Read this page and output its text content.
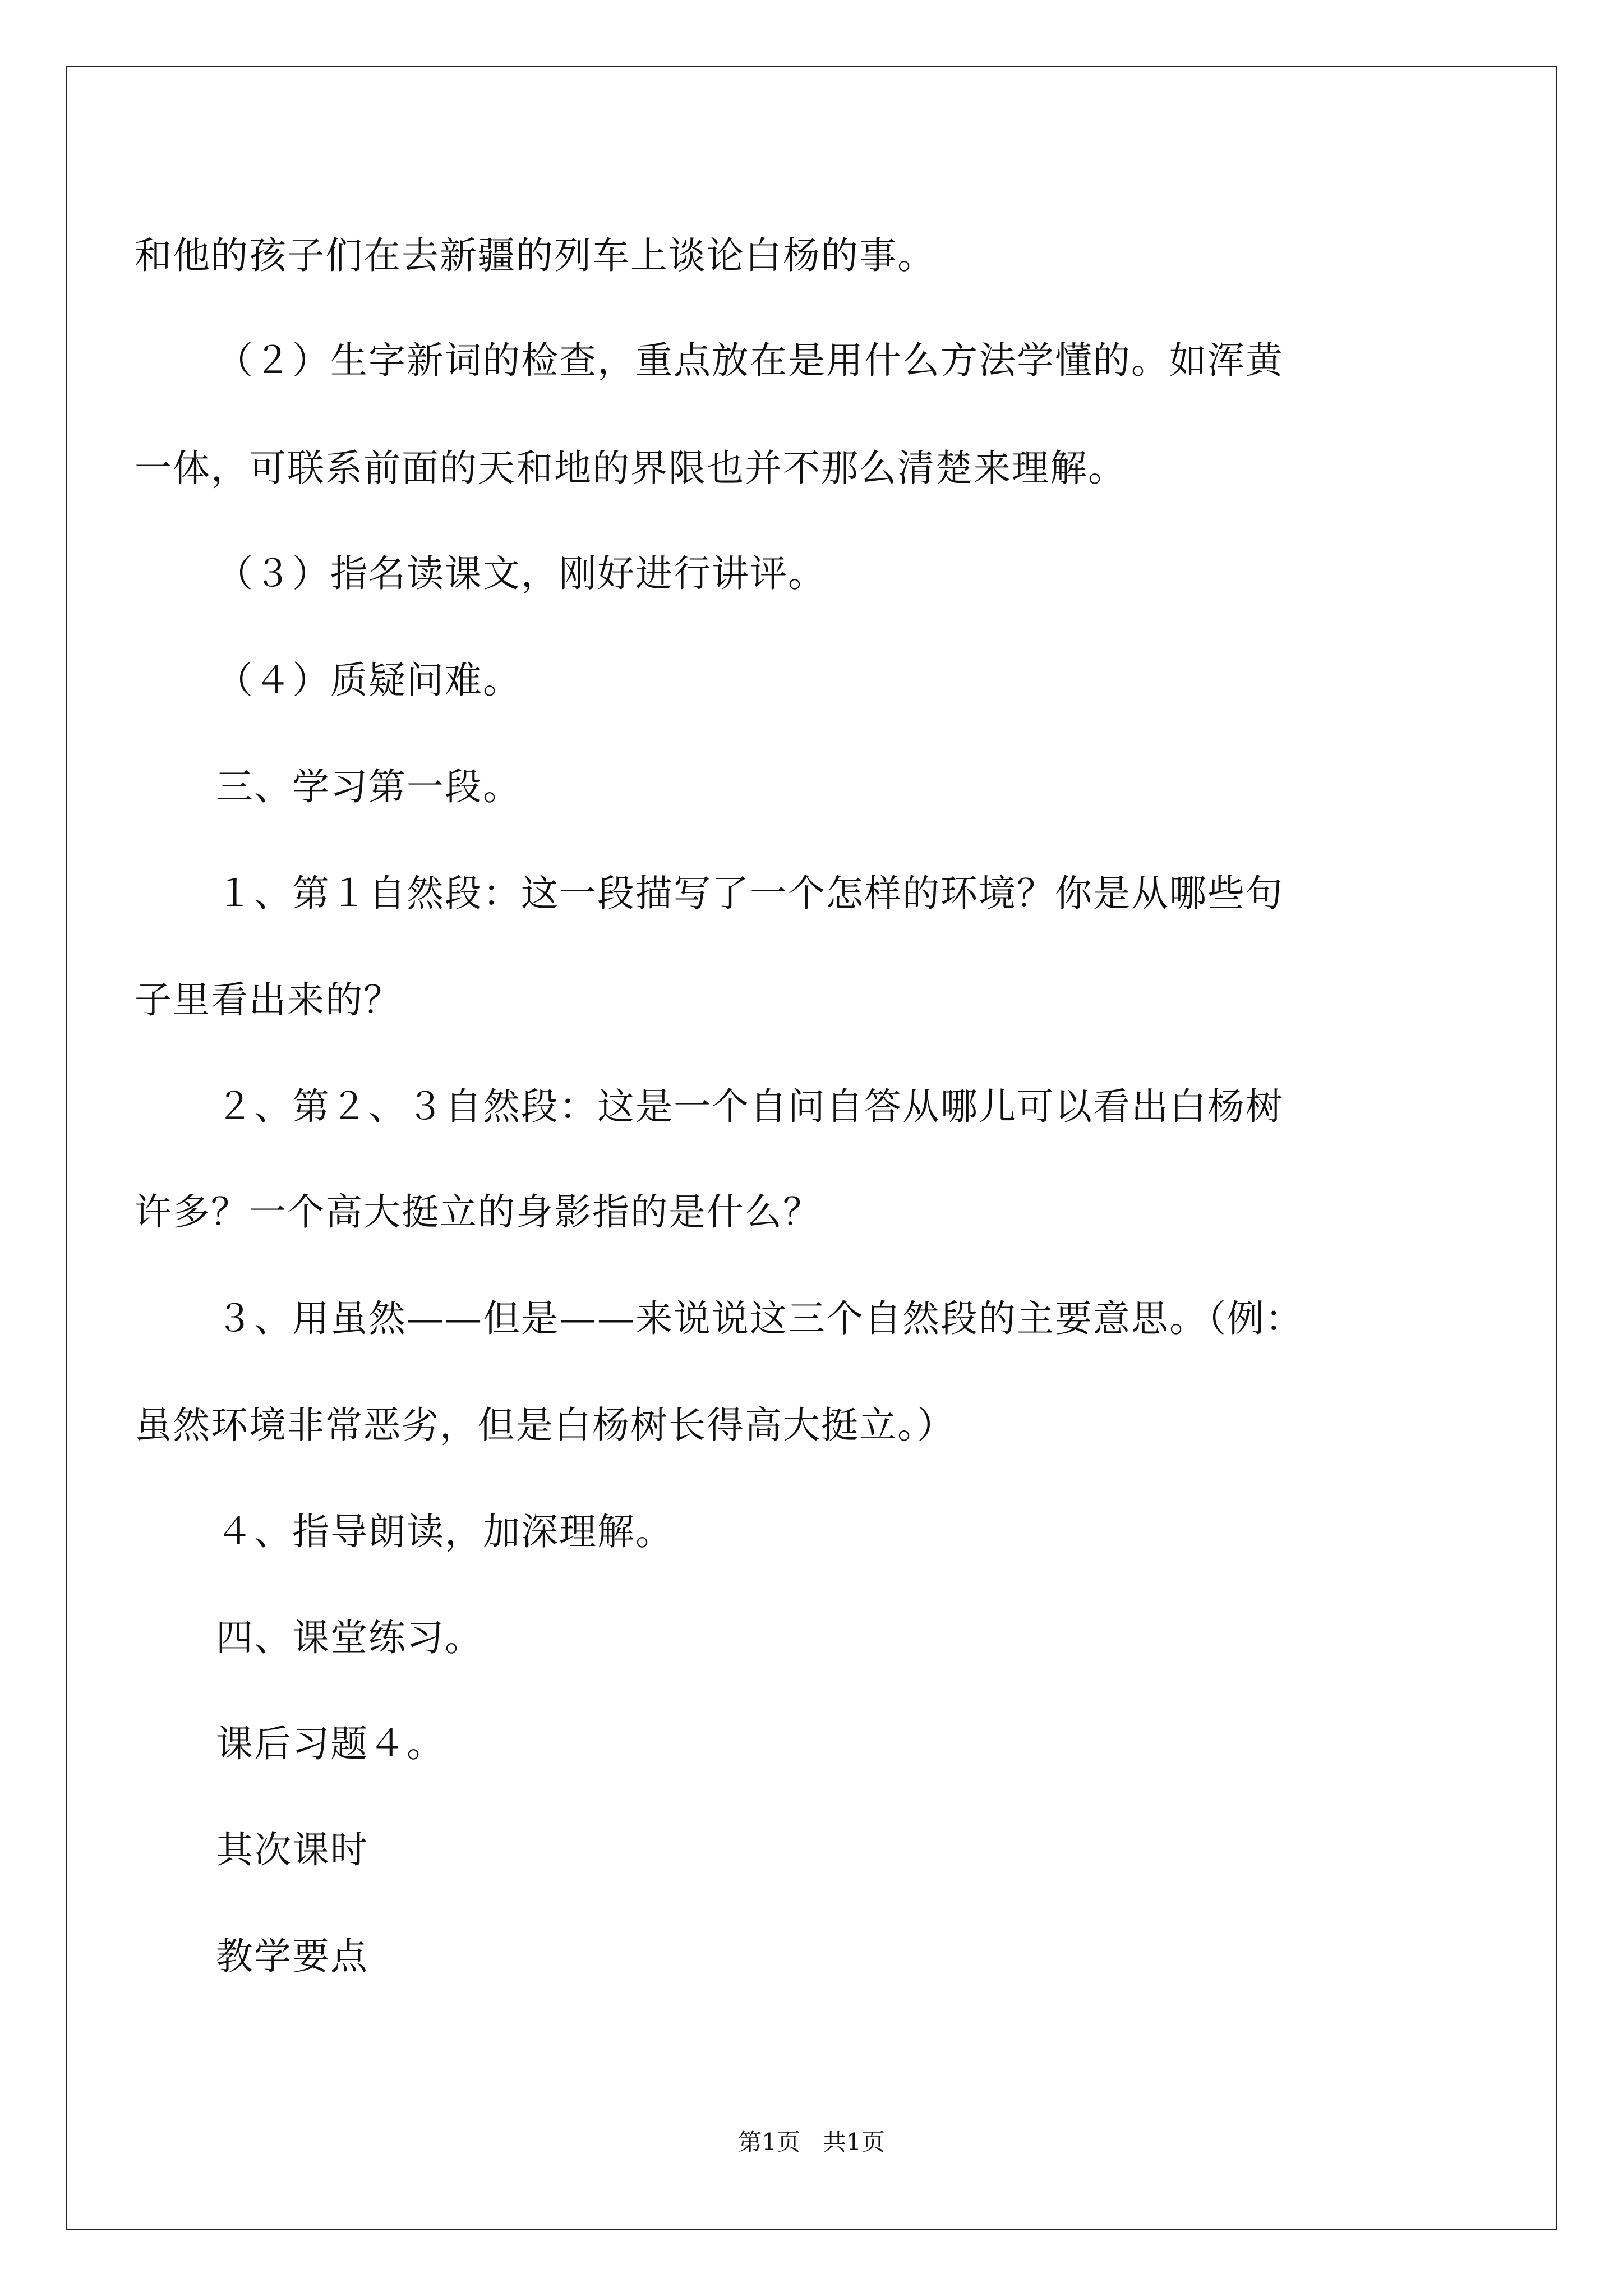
和他的孩子们在去新疆的列车上谈论白杨的事。
（２）生字新词的检查，重点放在是用什么方法学懂的。如浑黄
一体，可联系前面的天和地的界限也并不那么清楚来理解。
（３）指名读课文，刚好进行讲评。
（４）质疑问难。
三、学习第一段。
１、第１自然段：这一段描写了一个怎样的环境？你是从哪些句
子里看出来的？
２、第２、３自然段：这是一个自问自答从哪儿可以看出白杨树
许多？一个高大挺立的身影指的是什么？
３、用虽然——但是——来说说这三个自然段的主要意思。（例：
虽然环境非常恶劣，但是白杨树长得高大挺立。）
４、指导朗读，加深理解。
四、课堂练习。
课后习题４。
其次课时
教学要点
第1页 共1页
